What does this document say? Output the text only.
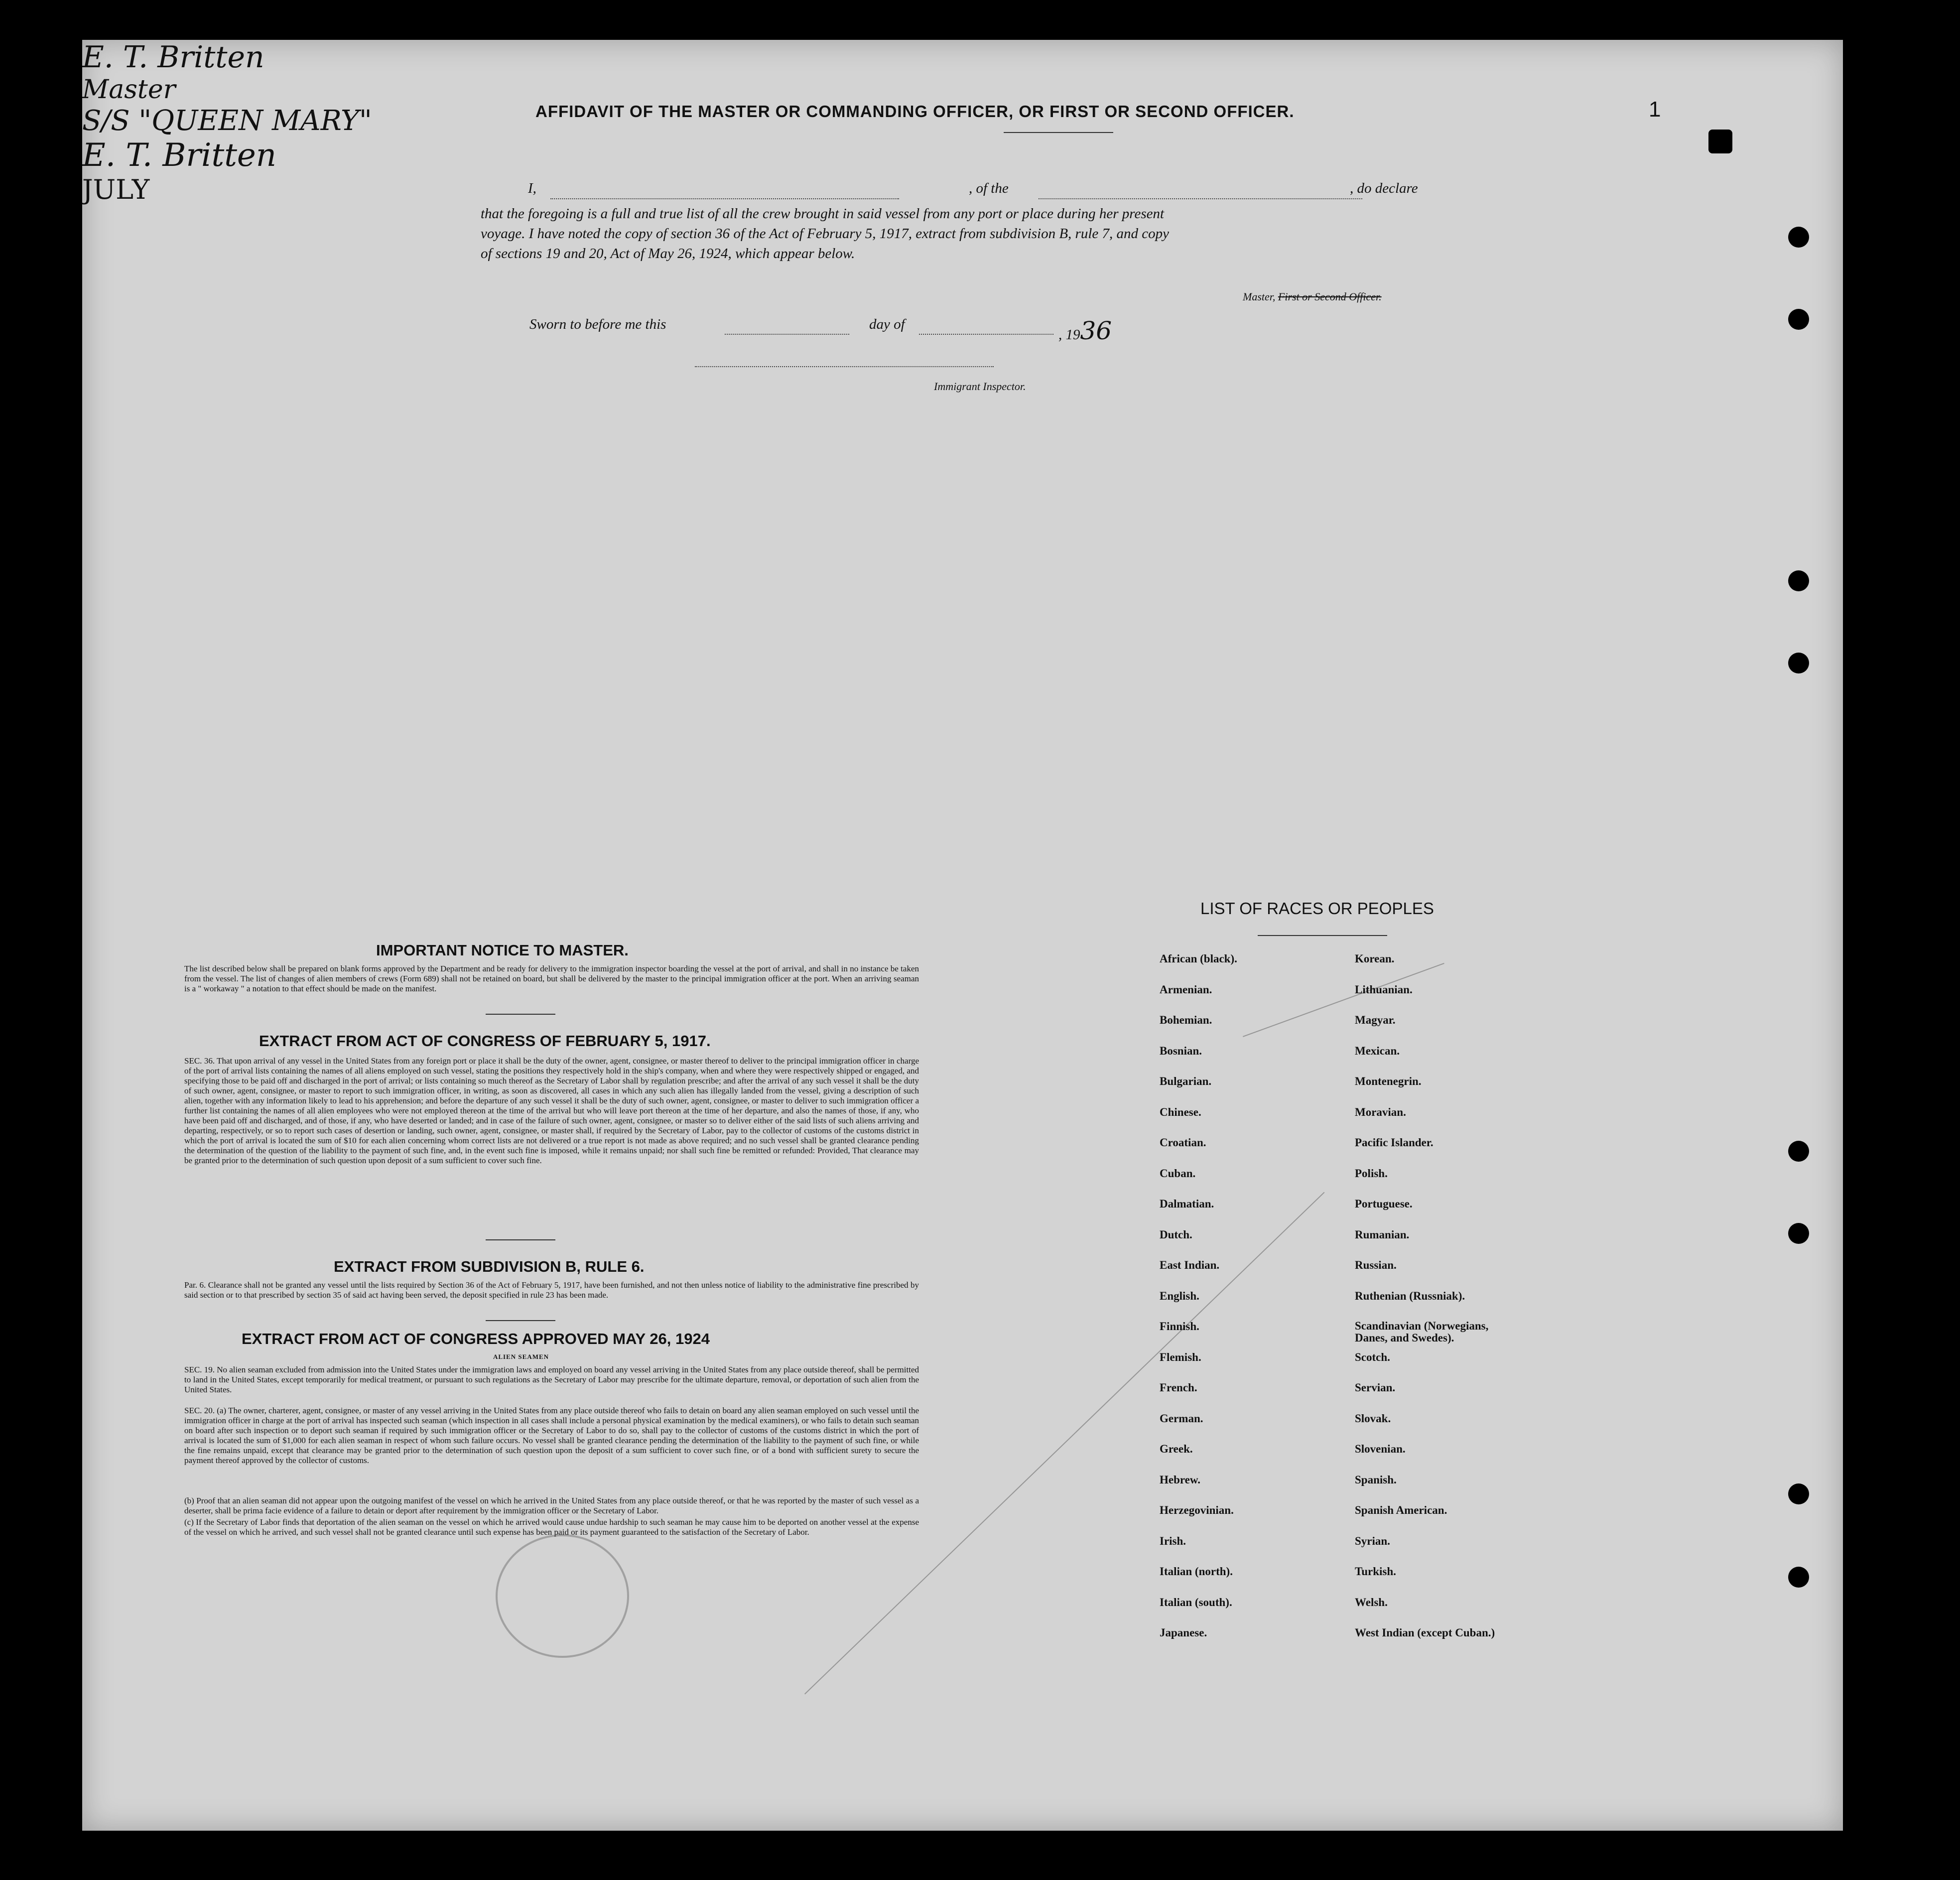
AFFIDAVIT OF THE MASTER OR COMMANDING OFFICER, OR FIRST OR SECOND OFFICER.
I,
E. T. Britten
Master
, of the
S/S "QUEEN MARY"
, do declare
that the foregoing is a full and true list of all the crew brought in said vessel from any port or place during her present
voyage. I have noted the copy of section 36 of the Act of February 5, 1917, extract from subdivision B, rule 7, and copy
of sections 19 and 20, Act of May 26, 1924, which appear below.
E. T. Britten
Master, First or Second Officer.
Sworn to before me this	day of
JULY
, 1936
Immigrant Inspector.
IMPORTANT NOTICE TO MASTER.
The list described below shall be prepared on blank forms approved by the Department and be ready for delivery to the immigration inspector boarding the vessel at the port of arrival, and shall in no instance be taken from the vessel. The list of changes of alien members of crews (Form 689) shall not be retained on board, but shall be delivered by the master to the principal immigration officer at the port. When an arriving seaman is a " workaway " a notation to that effect should be made on the manifest.
EXTRACT FROM ACT OF CONGRESS OF FEBRUARY 5, 1917.
SEC. 36. That upon arrival of any vessel in the United States from any foreign port or place it shall be the duty of the owner, agent, consignee, or master thereof to deliver to the principal immigration officer in charge of the port of arrival lists containing the names of all aliens employed on such vessel, stating the positions they respectively hold in the ship's company, when and where they were respectively shipped or engaged, and specifying those to be paid off and discharged in the port of arrival; or lists containing so much thereof as the Secretary of Labor shall by regulation prescribe; and after the arrival of any such vessel it shall be the duty of such owner, agent, consignee, or master to report to such immigration officer, in writing, as soon as discovered, all cases in which any such alien has illegally landed from the vessel, giving a description of such alien, together with any information likely to lead to his apprehension; and before the departure of any such vessel it shall be the duty of such owner, agent, consignee, or master to deliver to such immigration officer a further list containing the names of all alien employees who were not employed thereon at the time of the arrival but who will leave port thereon at the time of her departure, and also the names of those, if any, who have been paid off and discharged, and of those, if any, who have deserted or landed; and in case of the failure of such owner, agent, consignee, or master so to deliver either of the said lists of such aliens arriving and departing, respectively, or so to report such cases of desertion or landing, such owner, agent, consignee, or master shall, if required by the Secretary of Labor, pay to the collector of customs of the customs district in which the port of arrival is located the sum of $10 for each alien concerning whom correct lists are not delivered or a true report is not made as above required; and no such vessel shall be granted clearance pending the determination of the question of the liability to the payment of such fine, and, in the event such fine is imposed, while it remains unpaid; nor shall such fine be remitted or refunded: Provided, That clearance may be granted prior to the determination of such question upon deposit of a sum sufficient to cover such fine.
EXTRACT FROM SUBDIVISION B, RULE 6.
Par. 6. Clearance shall not be granted any vessel until the lists required by Section 36 of the Act of February 5, 1917, have been furnished, and not then unless notice of liability to the administrative fine prescribed by said section or to that prescribed by section 35 of said act having been served, the deposit specified in rule 23 has been made.
EXTRACT FROM ACT OF CONGRESS APPROVED MAY 26, 1924
ALIEN SEAMEN
SEC. 19. No alien seaman excluded from admission into the United States under the immigration laws and employed on board any vessel arriving in the United States from any place outside thereof, shall be permitted to land in the United States, except temporarily for medical treatment, or pursuant to such regulations as the Secretary of Labor may prescribe for the ultimate departure, removal, or deportation of such alien from the United States.
SEC. 20. (a) The owner, charterer, agent, consignee, or master of any vessel arriving in the United States from any place outside thereof who fails to detain on board any alien seaman employed on such vessel until the immigration officer in charge at the port of arrival has inspected such seaman (which inspection in all cases shall include a personal physical examination by the medical examiners), or who fails to detain such seaman on board after such inspection or to deport such seaman if required by such immigration officer or the Secretary of Labor to do so, shall pay to the collector of customs of the customs district in which the port of arrival is located the sum of $1,000 for each alien seaman in respect of whom such failure occurs. No vessel shall be granted clearance pending the determination of the liability to the payment of such fine, or while the fine remains unpaid, except that clearance may be granted prior to the determination of such question upon the deposit of a sum sufficient to cover such fine, or of a bond with sufficient surety to secure the payment thereof approved by the collector of customs.
(b) Proof that an alien seaman did not appear upon the outgoing manifest of the vessel on which he arrived in the United States from any place outside thereof, or that he was reported by the master of such vessel as a deserter, shall be prima facie evidence of a failure to detain or deport after requirement by the immigration officer or the Secretary of Labor.
(c) If the Secretary of Labor finds that deportation of the alien seaman on the vessel on which he arrived would cause undue hardship to such seaman he may cause him to be deported on another vessel at the expense of the vessel on which he arrived, and such vessel shall not be granted clearance until such expense has been paid or its payment guaranteed to the satisfaction of the Secretary of Labor.
LIST OF RACES OR PEOPLES
1
African (black).
Armenian.
Bohemian.
Bosnian.
Bulgarian.
Chinese.
Croatian.
Cuban.
Dalmatian.
Dutch.
East Indian.
English.
Finnish.
Flemish.
French.
German.
Greek.
Hebrew.
Herzegovinian.
Irish.
Italian (north).
Italian (south).
Japanese.
Korean.
Lithuanian.
Magyar.
Mexican.
Montenegrin.
Moravian.
Pacific Islander.
Polish.
Portuguese.
Rumanian.
Russian.
Ruthenian (Russniak).
Scandinavian (Norwegians, Danes, and Swedes).
Scotch.
Servian.
Slovak.
Slovenian.
Spanish.
Spanish American.
Syrian.
Turkish.
Welsh.
West Indian (except Cuban.)
